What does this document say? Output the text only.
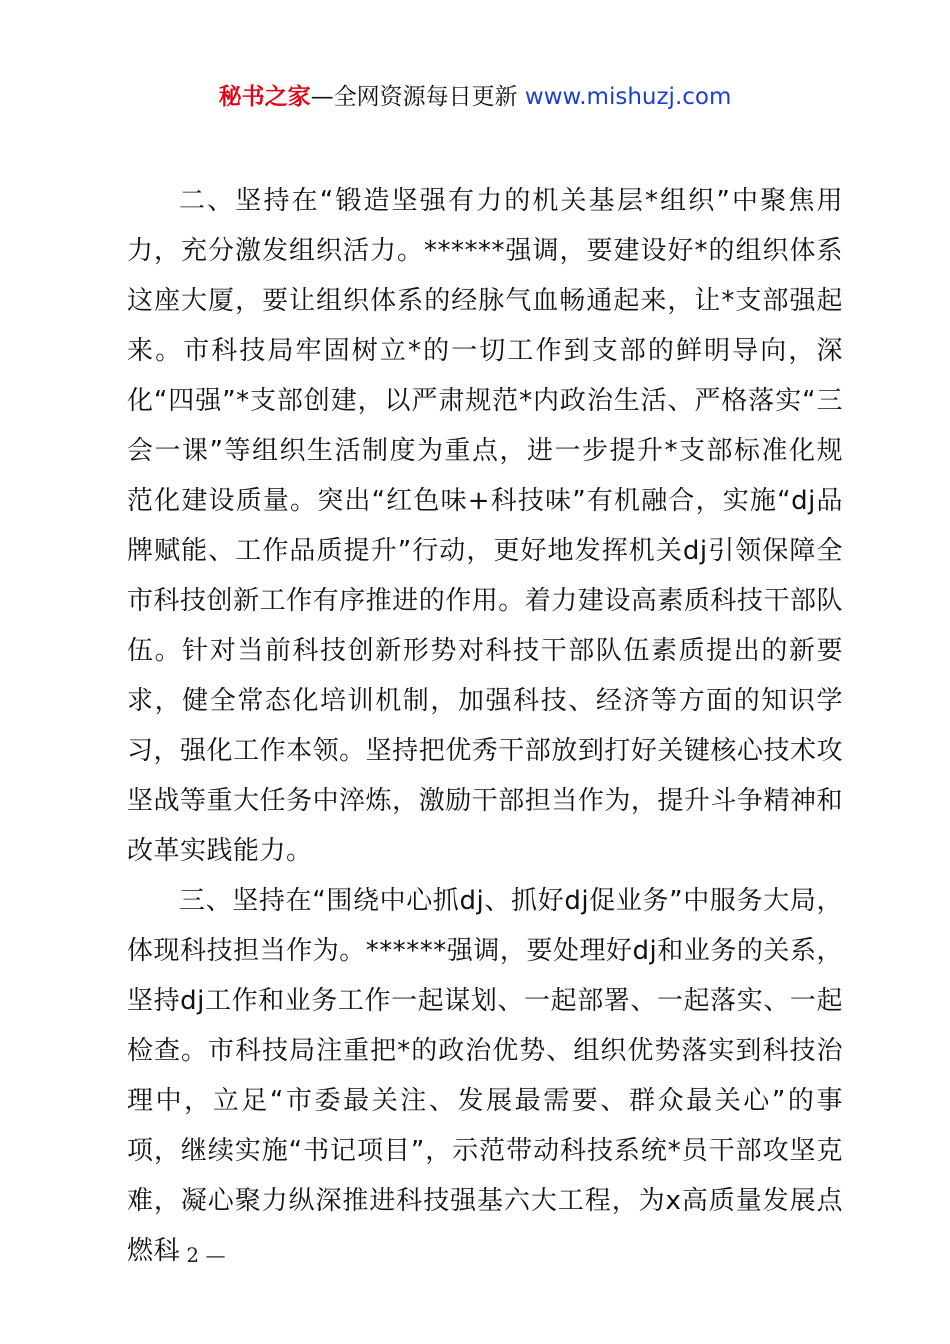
秘书之家—全网资源每日更新 www.mishuzj.com

二、坚持在“锻造坚强有力的机关基层*组织”中聚焦用力，充分激发组织活力。******强调，要建设好*的组织体系这座大厦，要让组织体系的经脉气血畅通起来，让*支部强起来。市科技局牢固树立*的一切工作到支部的鲜明导向，深化“四强”*支部创建，以严肃规范*内政治生活、严格落实“三会一课”等组织生活制度为重点，进一步提升*支部标准化规范化建设质量。突出“红色味+科技味”有机融合，实施“dj品牌赋能、工作品质提升”行动，更好地发挥机关dj引领保障全市科技创新工作有序推进的作用。着力建设高素质科技干部队伍。针对当前科技创新形势对科技干部队伍素质提出的新要求，健全常态化培训机制，加强科技、经济等方面的知识学习，强化工作本领。坚持把优秀干部放到打好关键核心技术攻坚战等重大任务中淬炼，激励干部担当作为，提升斗争精神和改革实践能力。

三、坚持在“围绕中心抓dj、抓好dj促业务”中服务大局，体现科技担当作为。******强调，要处理好dj和业务的关系，坚持dj工作和业务工作一起谋划、一起部署、一起落实、一起检查。市科技局注重把*的政治优势、组织优势落实到科技治理中，立足“市委最关注、发展最需要、群众最关心”的事项，继续实施“书记项目”，示范带动科技系统*员干部攻坚克难，凝心聚力纵深推进科技强基六大工程，为x高质量发展点燃科

— 2 —
